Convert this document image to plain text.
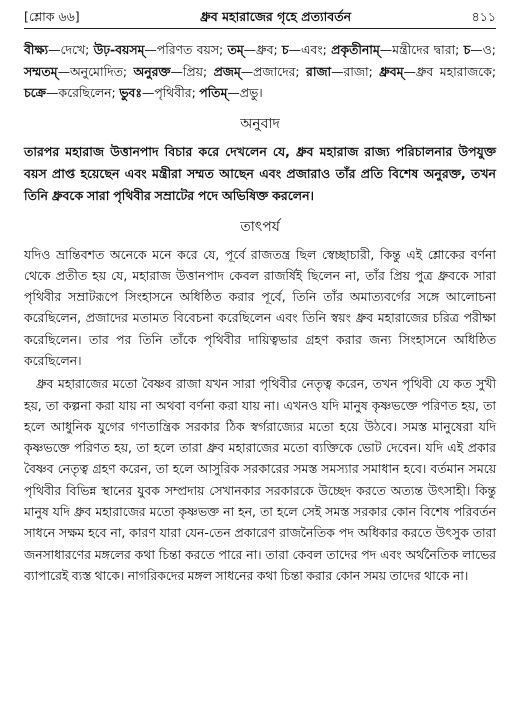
[শ্লোক ৬৬]	ধ্রুব মহারাজের গৃহে প্রত্যাবর্তন	৪১১
বীক্ষ্য—দেখে; উঢ়-বয়সম্—পরিণত বয়স; তম্—ধ্রুব; চ—এবং; প্রকৃতীনাম্—মন্ত্রীদের দ্বারা; চ—ও; সম্মতম্—অনুমোদিত; অনুরক্ত—প্রিয়; প্রজম্—প্রজাদের; রাজা—রাজা; ধ্রুবম্—ধ্রুব মহারাজকে; চক্রে—করেছিলেন; ভুবঃ—পৃথিবীর; পতিম্—প্রভু।
অনুবাদ
তারপর মহারাজ উত্তানপাদ বিচার করে দেখলেন যে, ধ্রুব মহারাজ রাজ্য পরিচালনার উপযুক্ত বয়স প্রাপ্ত হয়েছেন এবং মন্ত্রীরা সম্মত আছেন এবং প্রজারাও তাঁর প্রতি বিশেষ অনুরক্ত, তখন তিনি ধ্রুবকে সারা পৃথিবীর সম্রাটের পদে অভিষিক্ত করলেন।
তাৎপর্য

যদিও ভ্রান্তিবশত অনেকে মনে করে যে, পূর্বে রাজতন্ত্র ছিল স্বেচ্ছাচারী, কিন্তু এই শ্লোকের বর্ণনা থেকে প্রতীত হয় যে, মহারাজ উত্তানপাদ কেবল রাজর্ষিই ছিলেন না, তাঁর প্রিয় পুত্র ধ্রুবকে সারা পৃথিবীর সম্রাটরূপে সিংহাসনে অধিষ্ঠিত করার পূর্বে, তিনি তাঁর অমাত্যবর্গের সঙ্গে আলোচনা করেছিলেন, প্রজাদের মতামত বিবেচনা করেছিলেন এবং তিনি স্বয়ং ধ্রুব মহারাজের চরিত্র পরীক্ষা করেছিলেন। তার পর তিনি তাঁকে পৃথিবীর দায়িত্বভার গ্রহণ করার জন্য সিংহাসনে অধিষ্ঠিত করেছিলেন।

ধ্রুব মহারাজের মতো বৈষ্ণব রাজা যখন সারা পৃথিবীর নেতৃত্ব করেন, তখন পৃথিবী যে কত সুখী হয়, তা কল্পনা করা যায় না অথবা বর্ণনা করা যায় না। এখনও যদি মানুষ কৃষ্ণভক্তে পরিণত হয়, তা হলে আধুনিক যুগের গণতান্ত্রিক সরকার ঠিক স্বর্গরাজ্যের মতো হয়ে উঠবে। সমস্ত মানুষেরা যদি কৃষ্ণভক্তে পরিণত হয়, তা হলে তারা ধ্রুব মহারাজের মতো ব্যক্তিকে ভোট দেবেন। যদি এই প্রকার বৈষ্ণব নেতৃত্ব গ্রহণ করেন, তা হলে আসুরিক সরকারের সমস্ত সমস্যার সমাধান হবে। বর্তমান সময়ে পৃথিবীর বিভিন্ন স্থানের যুবক সম্প্রদায় সেখানকার সরকারকে উচ্ছেদ করতে অত্যন্ত উৎসাহী। কিন্তু মানুষ যদি ধ্রুব মহারাজের মতো কৃষ্ণভক্ত না হন, তা হলে সেই সমস্ত সরকার কোন বিশেষ পরিবর্তন সাধনে সক্ষম হবে না, কারণ যারা যেন-তেন প্রকারেণ রাজনৈতিক পদ অধিকার করতে উৎসুক তারা জনসাধারণের মঙ্গলের কথা চিন্তা করতে পারে না। তারা কেবল তাদের পদ এবং অর্থনৈতিক লাভের ব্যাপারেই ব্যস্ত থাকে। নাগরিকদের মঙ্গল সাধনের কথা চিন্তা করার কোন সময় তাদের থাকে না।
